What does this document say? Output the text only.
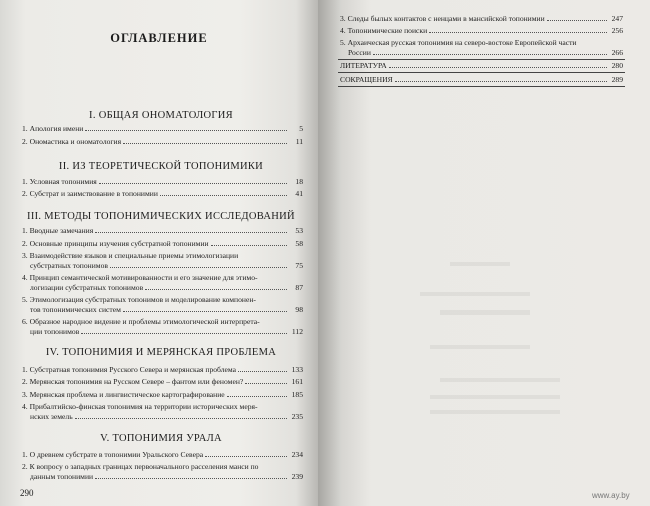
ОГЛАВЛЕНИЕ
I. ОБЩАЯ ОНОМАТОЛОГИЯ
1. Апология имени	5
2. Ономастика и ономатология	11
II. ИЗ ТЕОРЕТИЧЕСКОЙ ТОПОНИМИКИ
1. Условная топонимия	18
2. Субстрат и заимствование в топонимии	41
III. МЕТОДЫ ТОПОНИМИЧЕСКИХ ИССЛЕДОВАНИЙ
1. Вводные замечания	53
2. Основные принципы изучения субстратной топонимии	58
3. Взаимодействие языков и специальные приемы этимологизации
субстратных топонимов	75
4. Принцип семантической мотивированности и его значение для этимо-
логизации субстратных топонимов	87
5. Этимологизация субстратных топонимов и моделирование компонен-
тов топонимических систем	98
6. Образное народное видение и проблемы этимологической интерпрета-
ции топонимов	112
IV. ТОПОНИМИЯ И МЕРЯНСКАЯ ПРОБЛЕМА
1. Субстратная топонимия Русского Севера и мерянская проблема	133
2. Мерянская топонимия на Русском Севере – фантом или феномен?	161
3. Мерянская проблема и лингвистическое картографирование	185
4. Прибалтийско-финская топонимия на территории исторических меря-
нских земель	235
V. ТОПОНИМИЯ УРАЛА
1. О древнем субстрате в топонимии Уральского Севера	234
2. К вопросу о западных границах первоначального расселения манси по
данным топонимии	239
290
3. Следы былых контактов с ненцами в мансийской топонимии	247
4. Топонимические поиски	256
5. Архаическая русская топонимия на северо-востоке Европейской части
России	266
ЛИТЕРАТУРА	280
СОКРАЩЕНИЯ	289
www.ay.by
